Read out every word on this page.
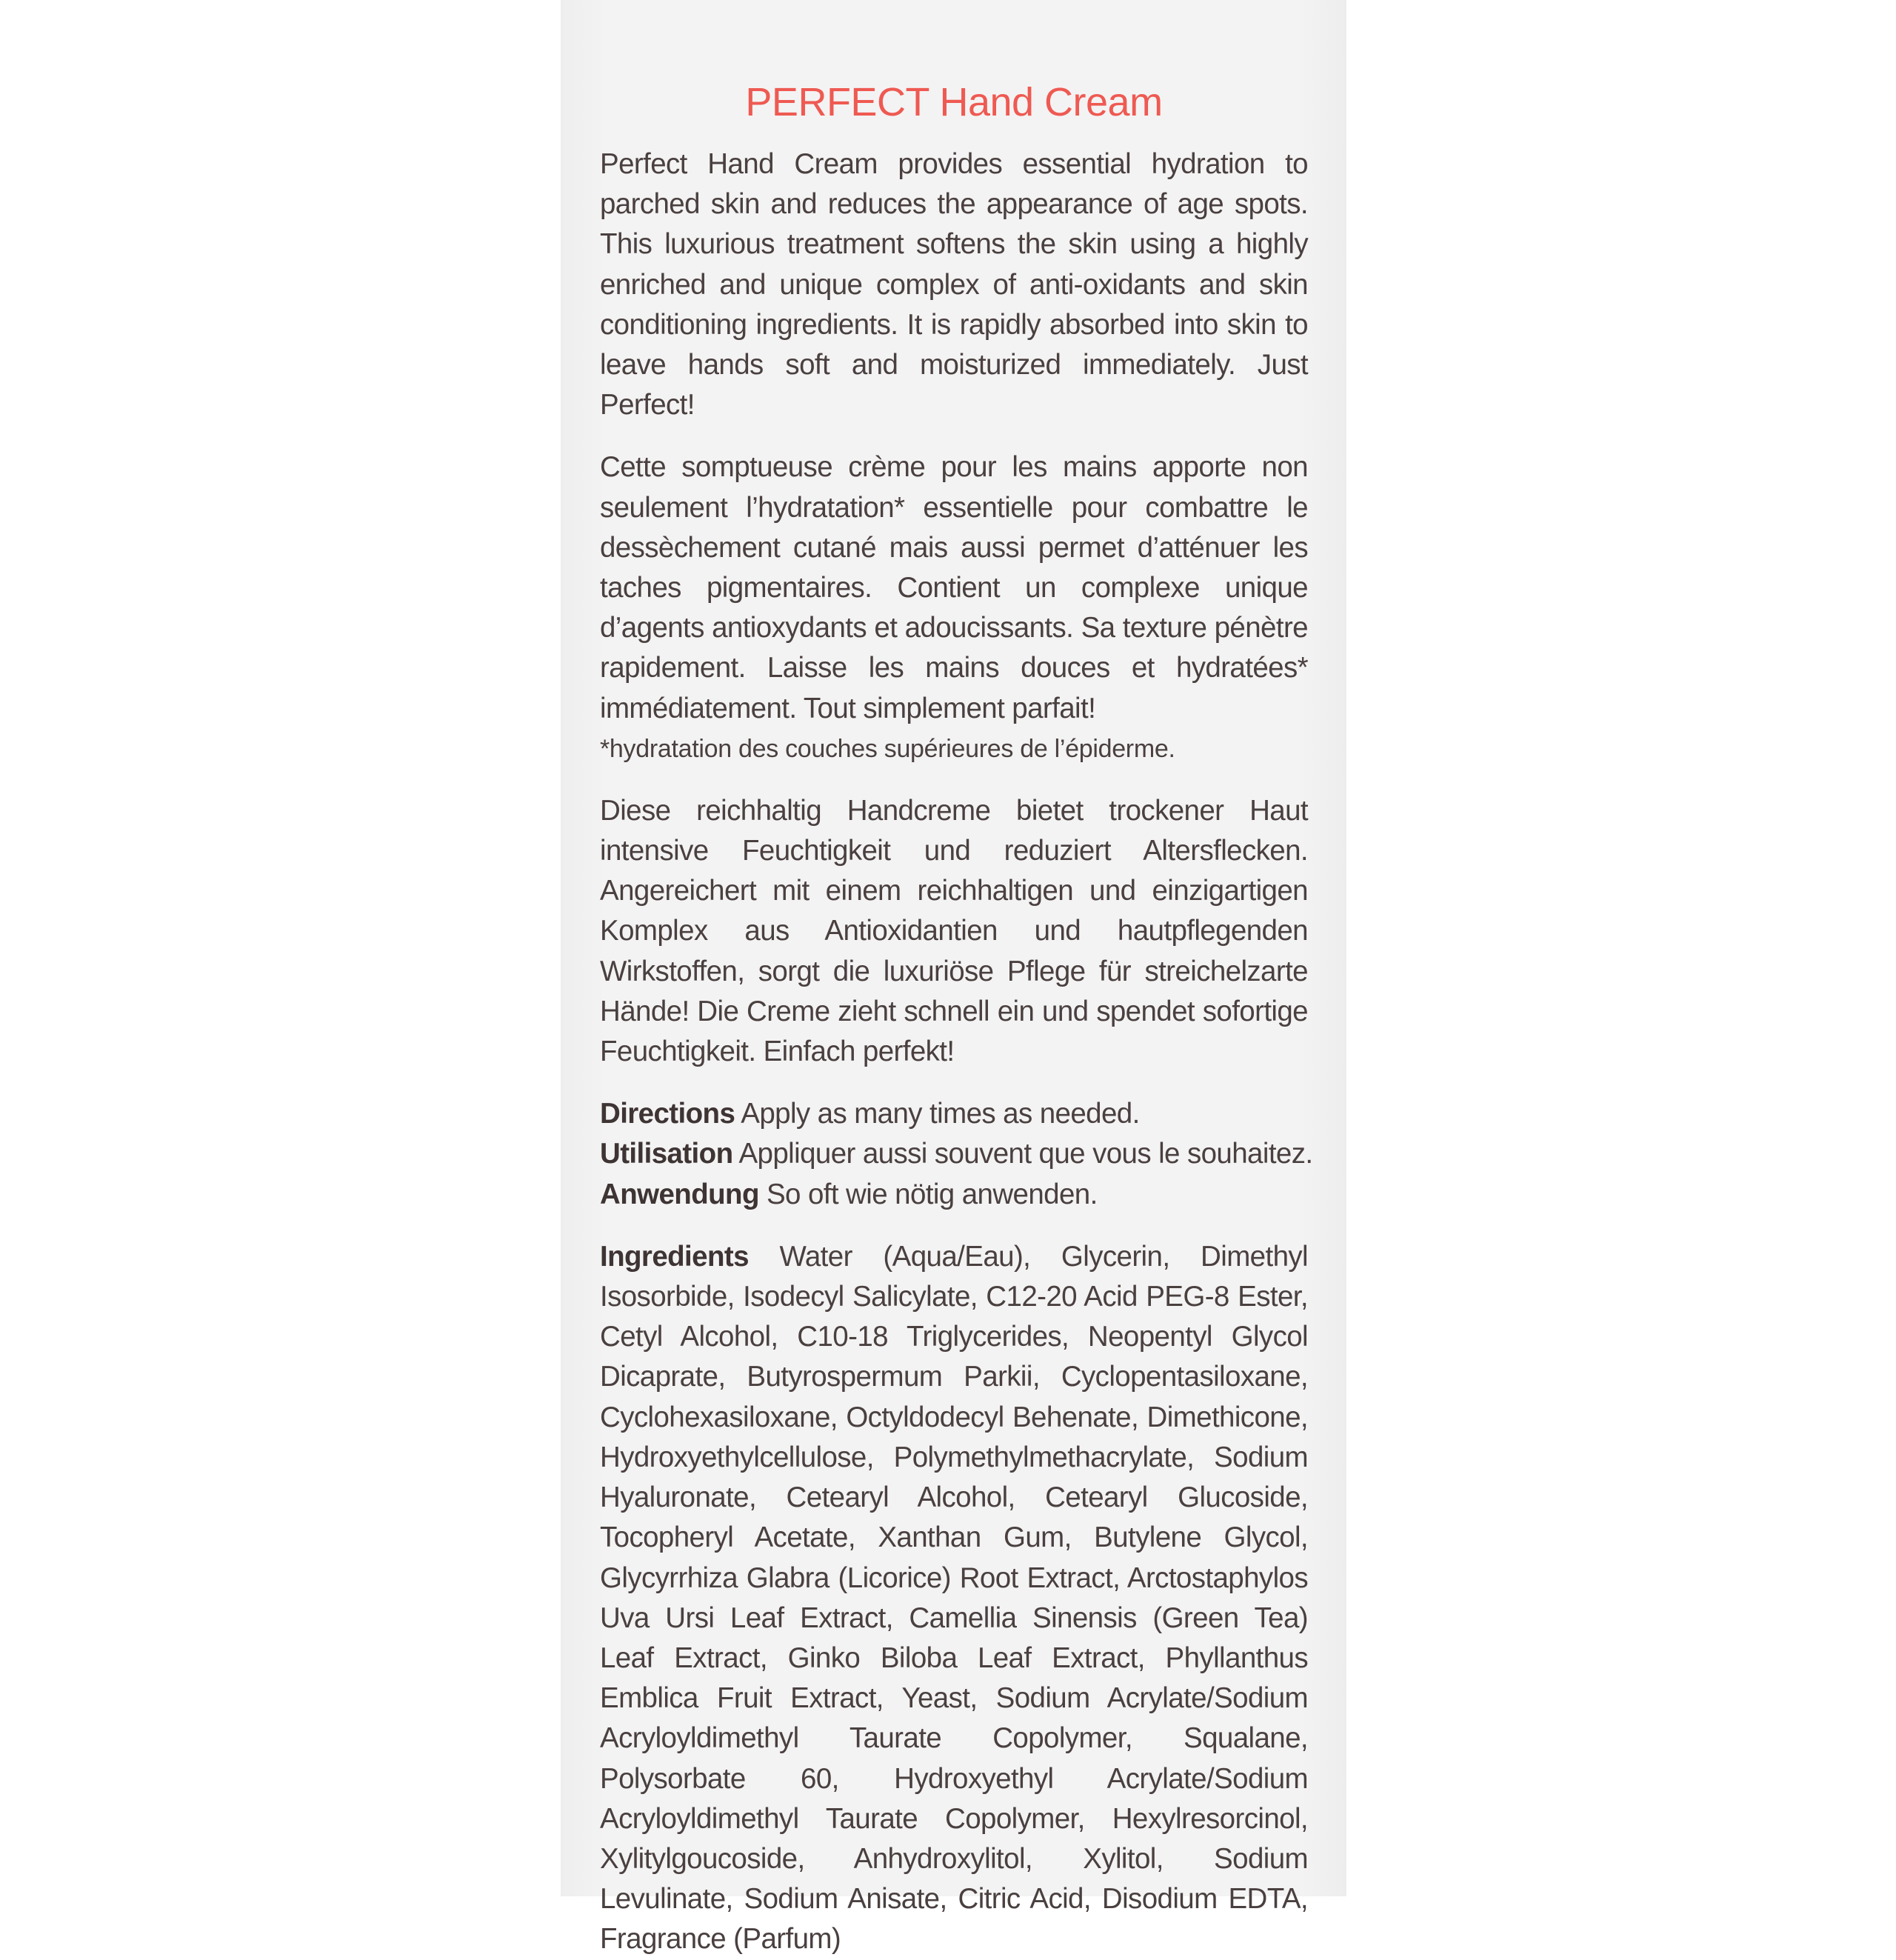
PERFECT Hand Cream

Perfect Hand Cream provides essential hydration to parched skin and reduces the appearance of age spots. This luxurious treatment softens the skin using a highly enriched and unique complex of anti-oxidants and skin conditioning ingredients. It is rapidly absorbed into skin to leave hands soft and moisturized immediately. Just Perfect!

Cette somptueuse crème pour les mains apporte non seulement l’hydratation* essentielle pour combattre le dessèchement cutané mais aussi permet d’atténuer les taches pigmentaires. Contient un complexe unique d’agents antioxydants et adoucissants. Sa texture pénètre rapidement. Laisse les mains douces et hydratées* immédiatement. Tout simplement parfait!

*hydratation des couches supérieures de l’épiderme.

Diese reichhaltig Handcreme bietet trockener Haut intensive Feuchtigkeit und reduziert Altersflecken. Angereichert mit einem reichhaltigen und einzigartigen Komplex aus Antioxidantien und hautpflegenden Wirkstoffen, sorgt die luxuriöse Pflege für streichelzarte Hände! Die Creme zieht schnell ein und spendet sofortige Feuchtigkeit. Einfach perfekt!

Directions Apply as many times as needed.

Utilisation Appliquer aussi souvent que vous le souhaitez.

Anwendung So oft wie nötig anwenden.

Ingredients Water (Aqua/Eau), Glycerin, Dimethyl Isosorbide, Isodecyl Salicylate, C12-20 Acid PEG-8 Ester, Cetyl Alcohol, C10-18 Triglycerides, Neopentyl Glycol Dicaprate, Butyrospermum Parkii, Cyclopentasiloxane, Cyclohexasiloxane, Octyldodecyl Behenate, Dimethicone, Hydroxyethylcellulose, Polymethylmethacrylate, Sodium Hyaluronate, Cetearyl Alcohol, Cetearyl Glucoside, Tocopheryl Acetate, Xanthan Gum, Butylene Glycol, Glycyrrhiza Glabra (Licorice) Root Extract, Arctostaphylos Uva Ursi Leaf Extract, Camellia Sinensis (Green Tea) Leaf Extract, Ginko Biloba Leaf Extract, Phyllanthus Emblica Fruit Extract, Yeast, Sodium Acrylate/Sodium Acryloyldimethyl Taurate Copolymer, Squalane, Polysorbate 60, Hydroxyethyl Acrylate/Sodium Acryloyldimethyl Taurate Copolymer, Hexylresorcinol, Xylitylgoucoside, Anhydroxylitol, Xylitol, Sodium Levulinate, Sodium Anisate, Citric Acid, Disodium EDTA, Fragrance (Parfum)
